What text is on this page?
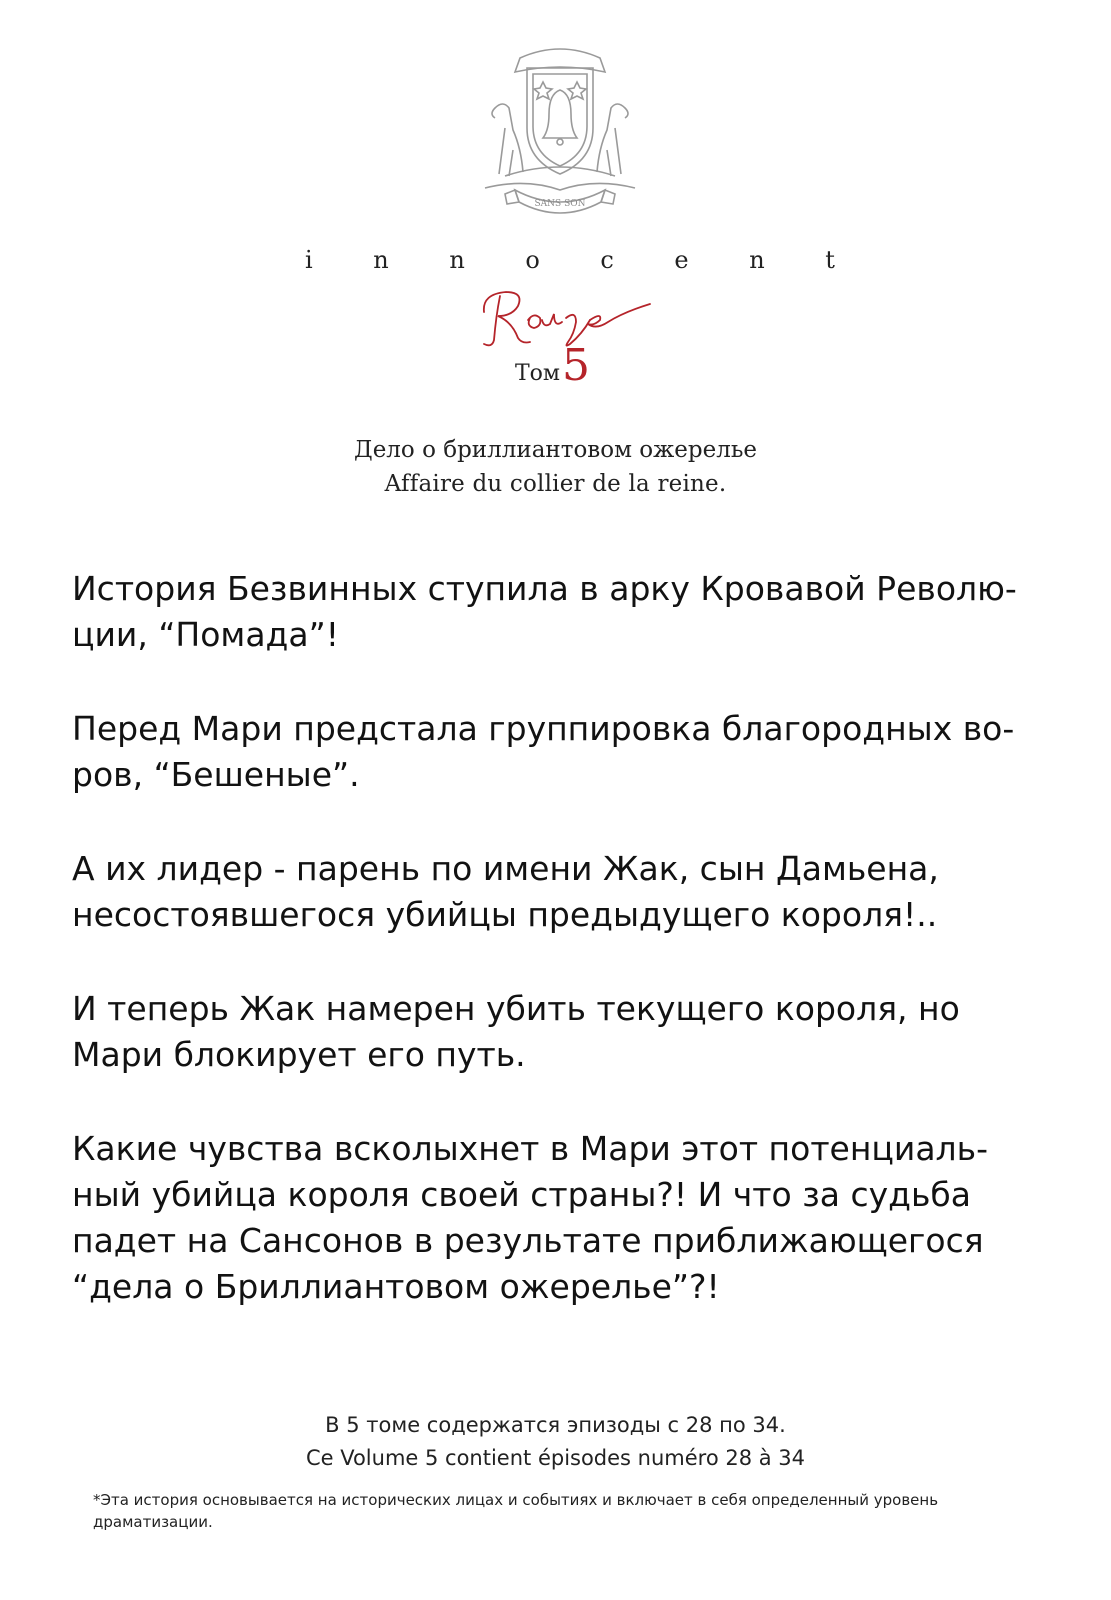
SANS SON
i	n	n	o	c	e	n	t
Том5
Дело о бриллиантовом ожерелье
Affaire du collier de la reine.

История Безвинных ступила в арку Кровавой Револю-ции, “Помада”!

Перед Мари предстала группировка благородных во-ров, “Бешеные”.

А их лидер - парень по имени Жак, сын Дамьена, несостоявшегося убийцы предыдущего короля!..

И теперь Жак намерен убить текущего короля, но Мари блокирует его путь.

Какие чувства всколыхнет в Мари этот потенциаль-ный убийца короля своей страны?! И что за судьба падет на Сансонов в результате приближающегося “дела о Бриллиантовом ожерелье”?!

В 5 томе содержатся эпизоды с 28 по 34.
Ce Volume 5 contient épisodes numéro 28 à 34
*Эта история основывается на исторических лицах и событиях и включает в себя определенный уровень драматизации.
